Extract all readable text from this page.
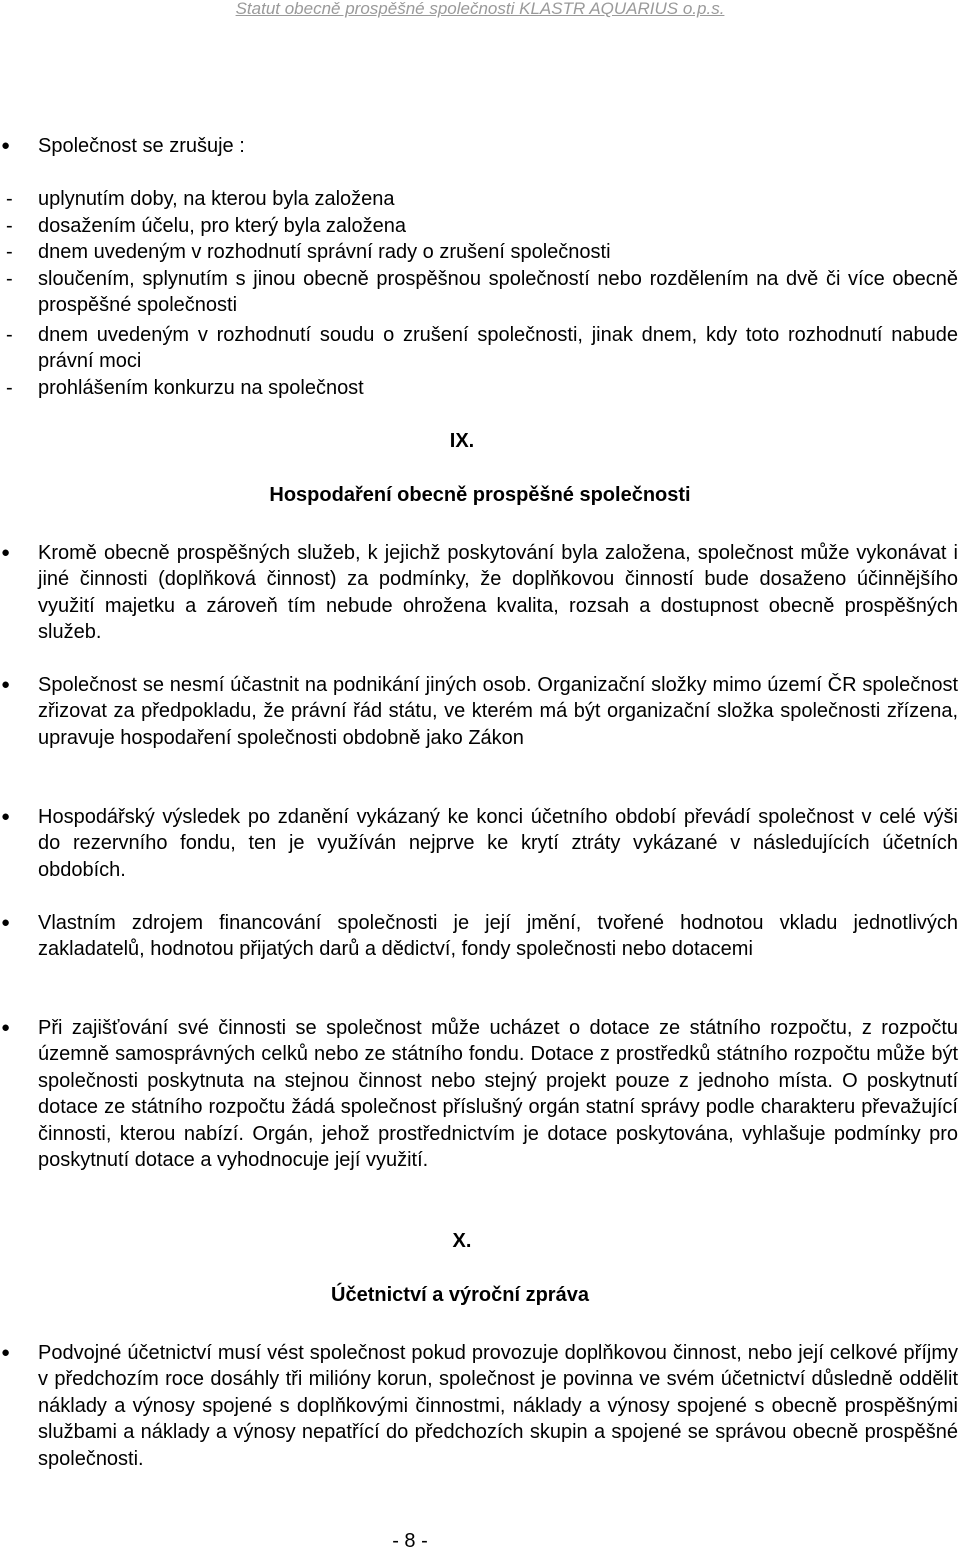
Statut obecně prospěšné společnosti KLASTR AQUARIUS o.p.s.
● Společnost se zrušuje :
- uplynutím doby, na kterou byla založena
- dosažením účelu, pro který byla založena
- dnem uvedeným v rozhodnutí správní rady o zrušení společnosti
- sloučením, splynutím s jinou obecně prospěšnou společností nebo rozdělením na dvě či více obecně prospěšné společnosti
- dnem uvedeným v rozhodnutí soudu o zrušení společnosti, jinak dnem, kdy toto rozhodnutí nabude právní moci
- prohlášením konkurzu na společnost
IX.
Hospodaření obecně prospěšné společnosti
● Kromě obecně prospěšných služeb, k jejichž poskytování byla založena, společnost může vykonávat i jiné činnosti (doplňková činnost) za podmínky, že doplňkovou činností bude dosaženo účinnějšího využití majetku a zároveň tím nebude ohrožena kvalita, rozsah a dostupnost obecně prospěšných služeb.
● Společnost se nesmí účastnit na podnikání jiných osob. Organizační složky mimo území ČR společnost zřizovat za předpokladu, že právní řád státu, ve kterém má být organizační složka společnosti zřízena, upravuje hospodaření společnosti obdobně jako Zákon
● Hospodářský výsledek po zdanění vykázaný ke konci účetního období převádí společnost v celé výši do rezervního fondu, ten je využíván nejprve ke krytí ztráty vykázané v následujících účetních obdobích.
● Vlastním zdrojem financování společnosti je její jmění, tvořené hodnotou vkladu jednotlivých zakladatelů, hodnotou přijatých darů a dědictví, fondy společnosti nebo dotacemi
● Při zajišťování své činnosti se společnost může ucházet o dotace ze státního rozpočtu, z rozpočtu územně samosprávných celků nebo ze státního fondu. Dotace z prostředků státního rozpočtu může být společnosti poskytnuta na stejnou činnost nebo stejný projekt pouze z jednoho místa. O poskytnutí dotace ze státního rozpočtu žádá společnost příslušný orgán statní správy podle charakteru převažující činnosti, kterou nabízí. Orgán, jehož prostřednictvím je dotace poskytována, vyhlašuje podmínky pro poskytnutí dotace a vyhodnocuje její využití.
X.
Účetnictví a výroční zpráva
● Podvojné účetnictví musí vést společnost pokud provozuje doplňkovou činnost, nebo její celkové příjmy v předchozím roce dosáhly tři milióny korun, společnost je povinna ve svém účetnictví důsledně oddělit náklady a výnosy spojené s doplňkovými činnostmi, náklady a výnosy spojené s obecně prospěšnými službami a náklady a výnosy nepatřící do předchozích skupin a spojené se správou obecně prospěšné společnosti.
- 8 -
